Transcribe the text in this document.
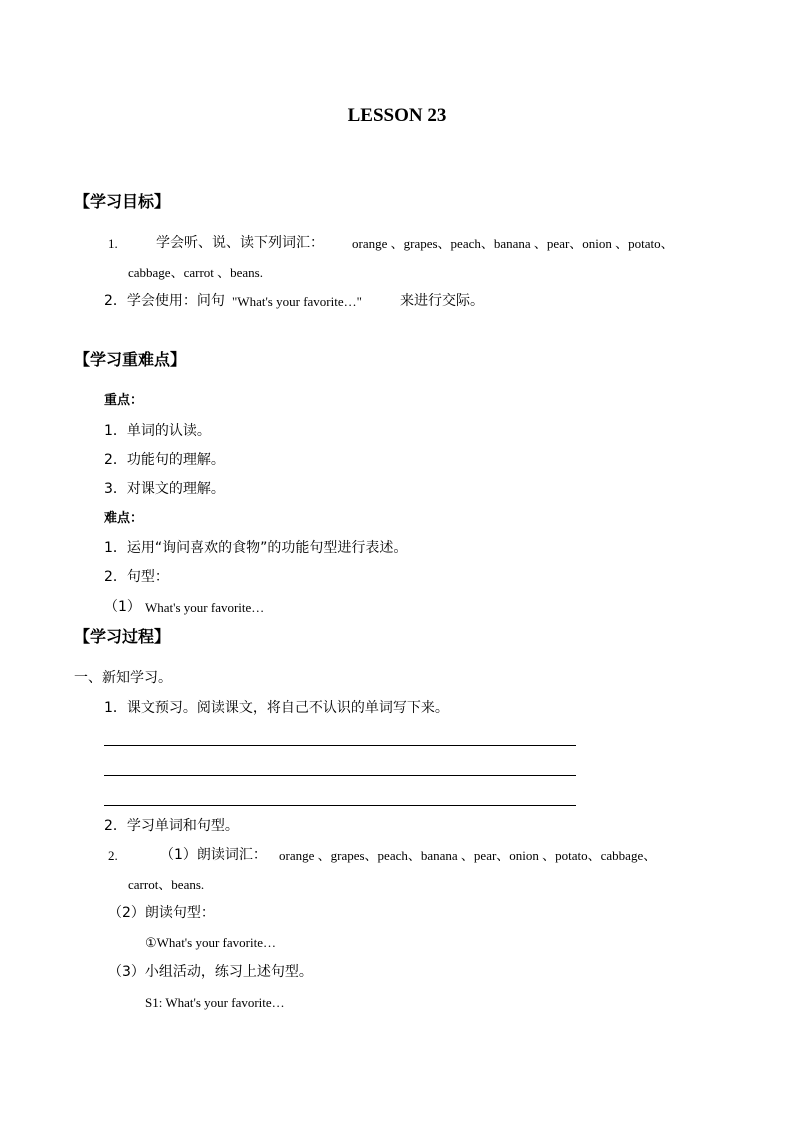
LESSON 23
【学习目标】
1.	学会听、说、读下列词汇： orange 、grapes、peach、banana 、pear、onion 、potato、
cabbage、carrot 、beans.
2．学会使用：问句 "What's your favorite…"	来进行交际。
【学习重难点】
重点：
1．单词的认读。
2．功能句的理解。
3．对课文的理解。
难点：
1．运用“询问喜欢的食物”的功能句型进行表述。
2．句型：
（1） What's your favorite…
【学习过程】
一、新知学习。
1．课文预习。阅读课文，将自己不认识的单词写下来。
2．学习单词和句型。
2.	（1）朗读词汇： orange 、grapes、peach、banana 、pear、onion 、potato、cabbage、
carrot、beans.
（2）朗读句型：
①What's your favorite…
（3）小组活动，练习上述句型。
S1: What's your favorite…
